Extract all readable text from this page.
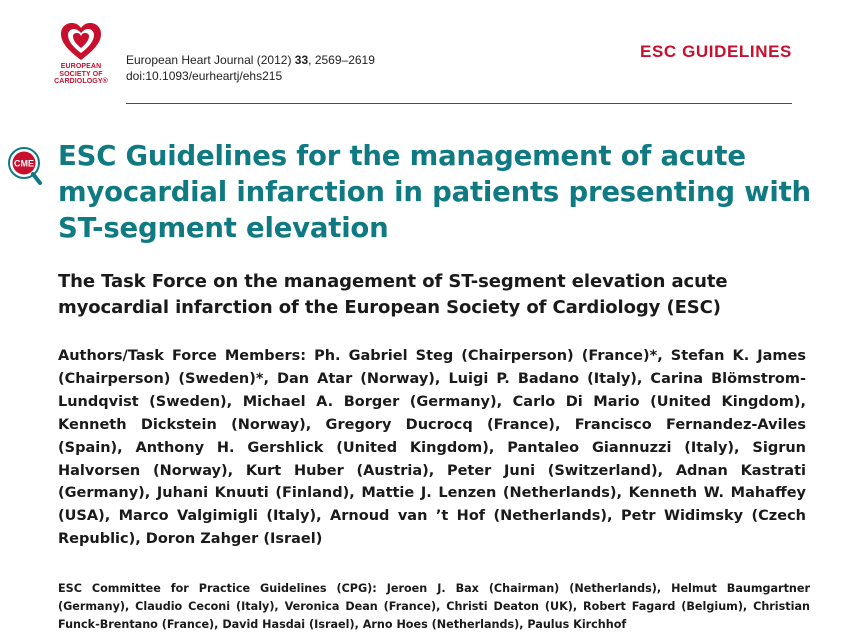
EUROPEAN SOCIETY OF CARDIOLOGY®
European Heart Journal (2012) 33, 2569–2619
doi:10.1093/eurheartj/ehs215
ESC GUIDELINES
CME ESC Guidelines for the management of acute myocardial infarction in patients presenting with ST-segment elevation
The Task Force on the management of ST-segment elevation acute myocardial infarction of the European Society of Cardiology (ESC)

Authors/Task Force Members: Ph. Gabriel Steg (Chairperson) (France)*, Stefan K. James (Chairperson) (Sweden)*, Dan Atar (Norway), Luigi P. Badano (Italy), Carina Blömstrom-Lundqvist (Sweden), Michael A. Borger (Germany), Carlo Di Mario (United Kingdom), Kenneth Dickstein (Norway), Gregory Ducrocq (France), Francisco Fernandez-Aviles (Spain), Anthony H. Gershlick (United Kingdom), Pantaleo Giannuzzi (Italy), Sigrun Halvorsen (Norway), Kurt Huber (Austria), Peter Juni (Switzerland), Adnan Kastrati (Germany), Juhani Knuuti (Finland), Mattie J. Lenzen (Netherlands), Kenneth W. Mahaffey (USA), Marco Valgimigli (Italy), Arnoud van ’t Hof (Netherlands), Petr Widimsky (Czech Republic), Doron Zahger (Israel)

ESC Committee for Practice Guidelines (CPG): Jeroen J. Bax (Chairman) (Netherlands), Helmut Baumgartner (Germany), Claudio Ceconi (Italy), Veronica Dean (France), Christi Deaton (UK), Robert Fagard (Belgium), Christian Funck-Brentano (France), David Hasdai (Israel), Arno Hoes (Netherlands), Paulus Kirchhof
